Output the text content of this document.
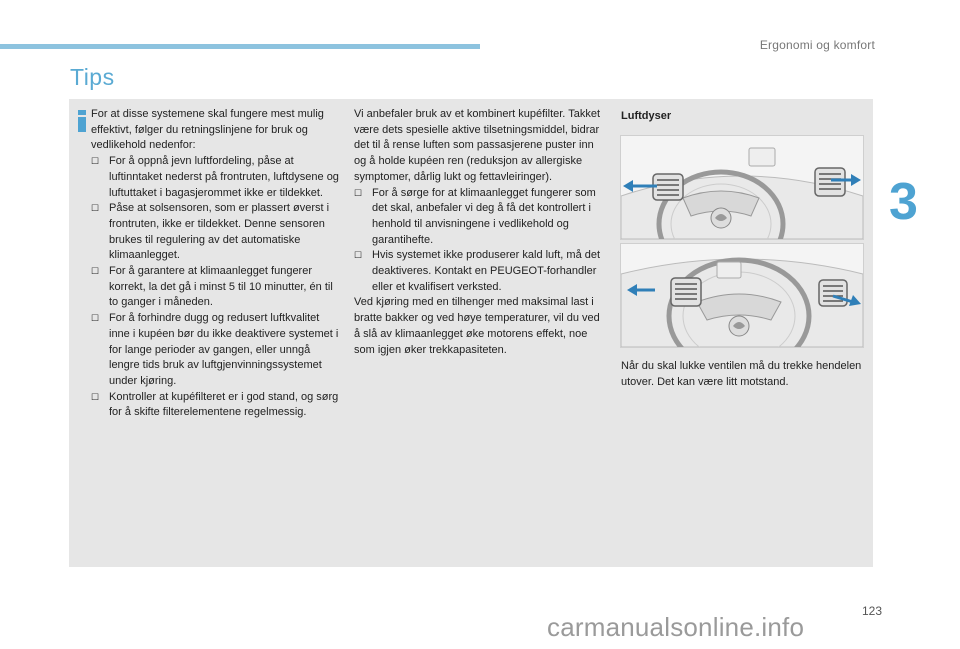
Ergonomi og komfort
Tips
3

For at disse systemene skal fungere mest mulig effektivt, følger du retningslinjene for bruk og vedlikehold nedenfor:

☐ For å oppnå jevn luftfordeling, påse at luftinntaket nederst på frontruten, luftdysene og luftuttaket i bagasjerommet ikke er tildekket.

☐ Påse at solsensoren, som er plassert øverst i frontruten, ikke er tildekket. Denne sensoren brukes til regulering av det automatiske klimaanlegget.

☐ For å garantere at klimaanlegget fungerer korrekt, la det gå i minst 5 til 10 minutter, én til to ganger i måneden.

☐ For å forhindre dugg og redusert luftkvalitet inne i kupéen bør du ikke deaktivere systemet i for lange perioder av gangen, eller unngå lengre tids bruk av luftgjenvinningssystemet under kjøring.

☐ Kontroller at kupéfilteret er i god stand, og sørg for å skifte filterelementene regelmessig.

Vi anbefaler bruk av et kombinert kupéfilter. Takket være dets spesielle aktive tilsetningsmiddel, bidrar det til å rense luften som passasjerene puster inn og å holde kupéen ren (reduksjon av allergiske symptomer, dårlig lukt og fettavleiringer).

☐ For å sørge for at klimaanlegget fungerer som det skal, anbefaler vi deg å få det kontrollert i henhold til anvisningene i vedlikehold og garantihefte.

☐ Hvis systemet ikke produserer kald luft, må det deaktiveres. Kontakt en PEUGEOT-forhandler eller et kvalifisert verksted.

Ved kjøring med en tilhenger med maksimal last i bratte bakker og ved høye temperaturer, vil du ved å slå av klimaanlegget øke motorens effekt, noe som igjen øker trekkapasiteten.

Luftdyser

Når du skal lukke ventilen må du trekke hendelen utover. Det kan være litt motstand.

123
carmanualsonline.info
